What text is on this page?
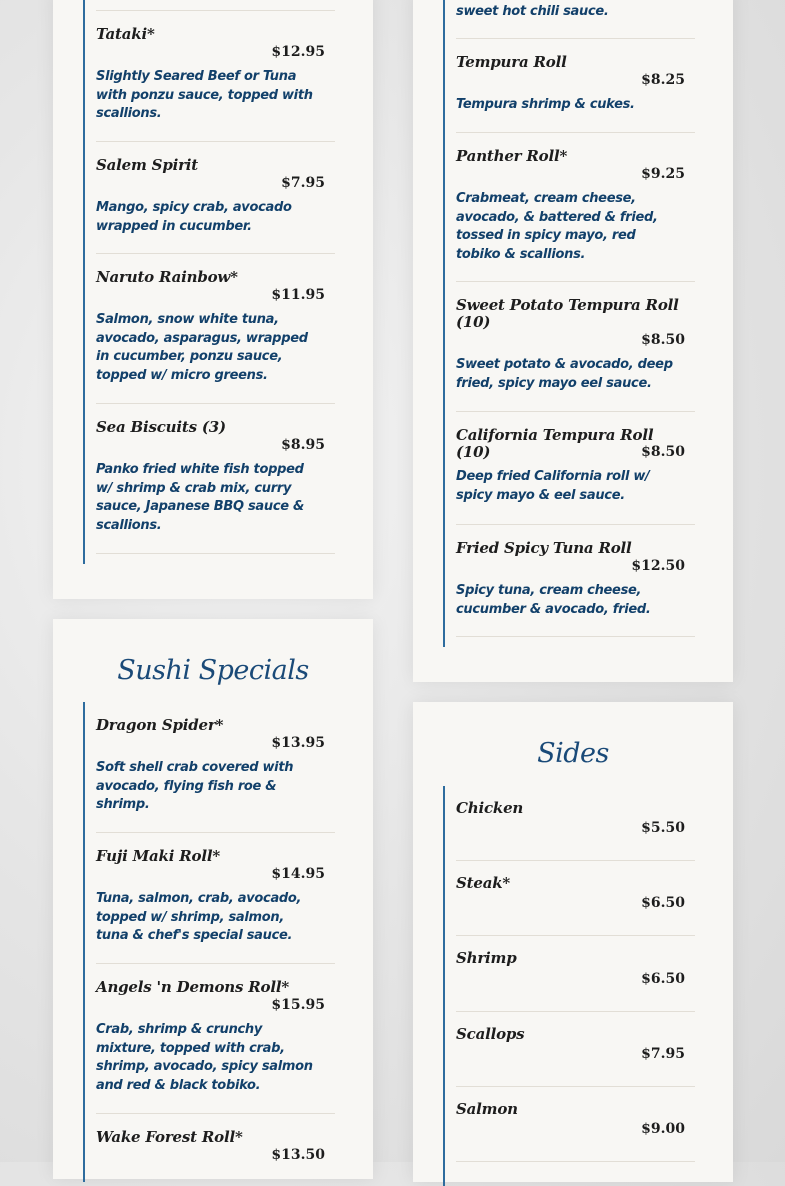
Tataki*
$12.95
Slightly Seared Beef or Tuna with ponzu sauce, topped with scallions.
Salem Spirit
$7.95
Mango, spicy crab, avocado wrapped in cucumber.
Naruto Rainbow*
$11.95
Salmon, snow white tuna, avocado, asparagus, wrapped in cucumber, ponzu sauce, topped w/ micro greens.
Sea Biscuits (3)
$8.95
Panko fried white fish topped w/ shrimp & crab mix, curry sauce, Japanese BBQ sauce & scallions.
Sushi Specials
Dragon Spider*
$13.95
Soft shell crab covered with avocado, flying fish roe & shrimp.
Fuji Maki Roll*
$14.95
Tuna, salmon, crab, avocado, topped w/ shrimp, salmon, tuna & chef's special sauce.
Angels 'n Demons Roll*
$15.95
Crab, shrimp & crunchy mixture, topped with crab, shrimp, avocado, spicy salmon and red & black tobiko.
Wake Forest Roll*
$13.50
sweet hot chili sauce.
Tempura Roll
$8.25
Tempura shrimp & cukes.
Panther Roll*
$9.25
Crabmeat, cream cheese, avocado, & battered & fried, tossed in spicy mayo, red tobiko & scallions.
Sweet Potato Tempura Roll (10)
$8.50
Sweet potato & avocado, deep fried, spicy mayo eel sauce.
California Tempura Roll (10)	$8.50
Deep fried California roll w/ spicy mayo & eel sauce.
Fried Spicy Tuna Roll
$12.50
Spicy tuna, cream cheese, cucumber & avocado, fried.
Sides
Chicken
$5.50
Steak*
$6.50
Shrimp
$6.50
Scallops
$7.95
Salmon
$9.00
